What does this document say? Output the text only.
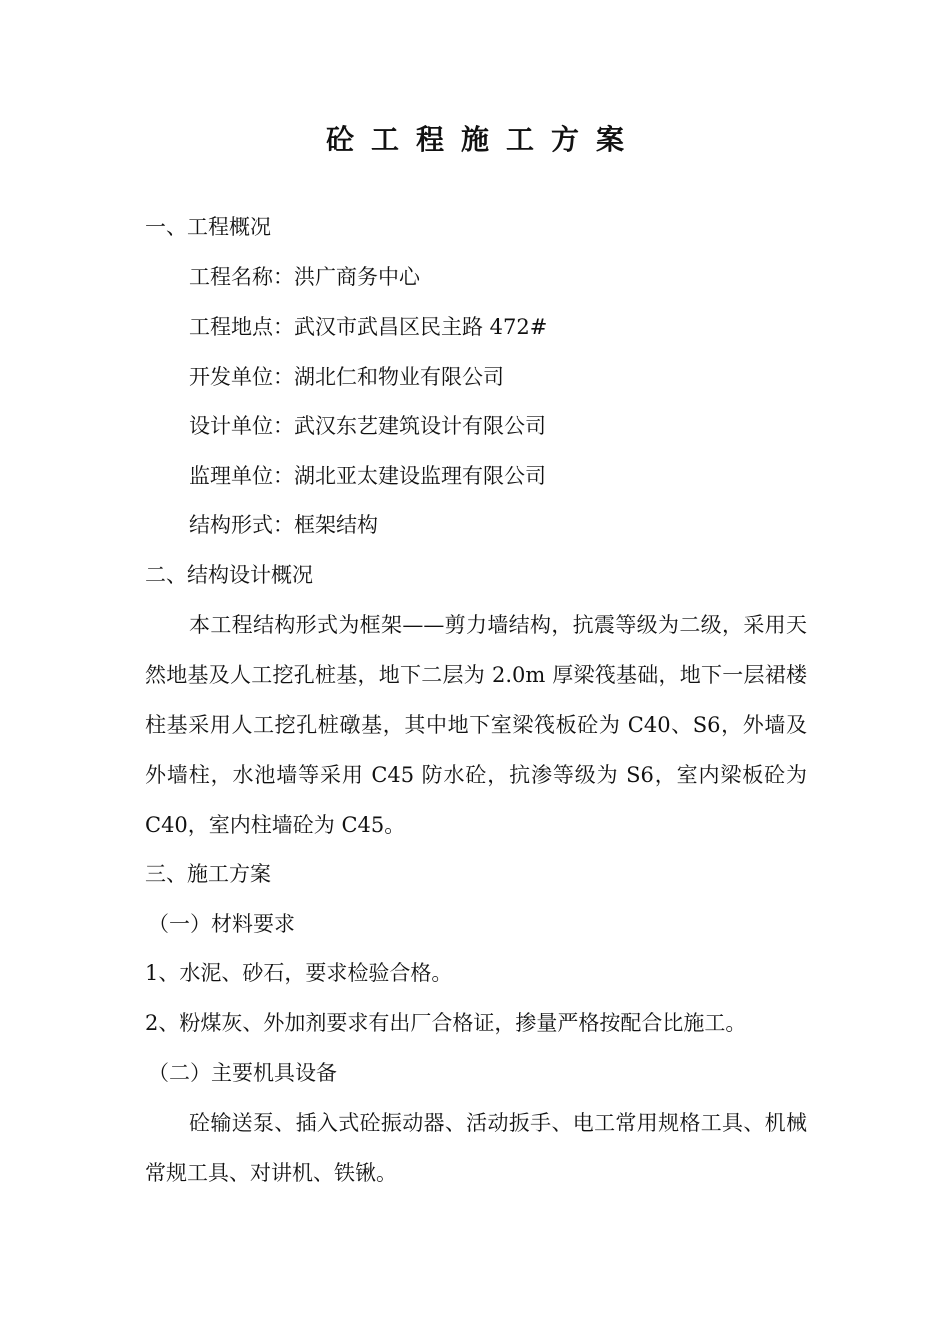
砼工程施工方案
一、工程概况
工程名称：洪广商务中心
工程地点：武汉市武昌区民主路 472#
开发单位：湖北仁和物业有限公司
设计单位：武汉东艺建筑设计有限公司
监理单位：湖北亚太建设监理有限公司
结构形式：框架结构
二、结构设计概况
本工程结构形式为框架——剪力墙结构，抗震等级为二级，采用天然地基及人工挖孔桩基，地下二层为 2.0m 厚梁筏基础，地下一层裙楼柱基采用人工挖孔桩礅基，其中地下室梁筏板砼为 C40、S6，外墙及外墙柱，水池墙等采用 C45 防水砼，抗渗等级为 S6，室内梁板砼为 C40，室内柱墙砼为 C45。
三、施工方案
（一）材料要求
1、水泥、砂石，要求检验合格。
2、粉煤灰、外加剂要求有出厂合格证，掺量严格按配合比施工。
（二）主要机具设备
砼输送泵、插入式砼振动器、活动扳手、电工常用规格工具、机械常规工具、对讲机、铁锹。
